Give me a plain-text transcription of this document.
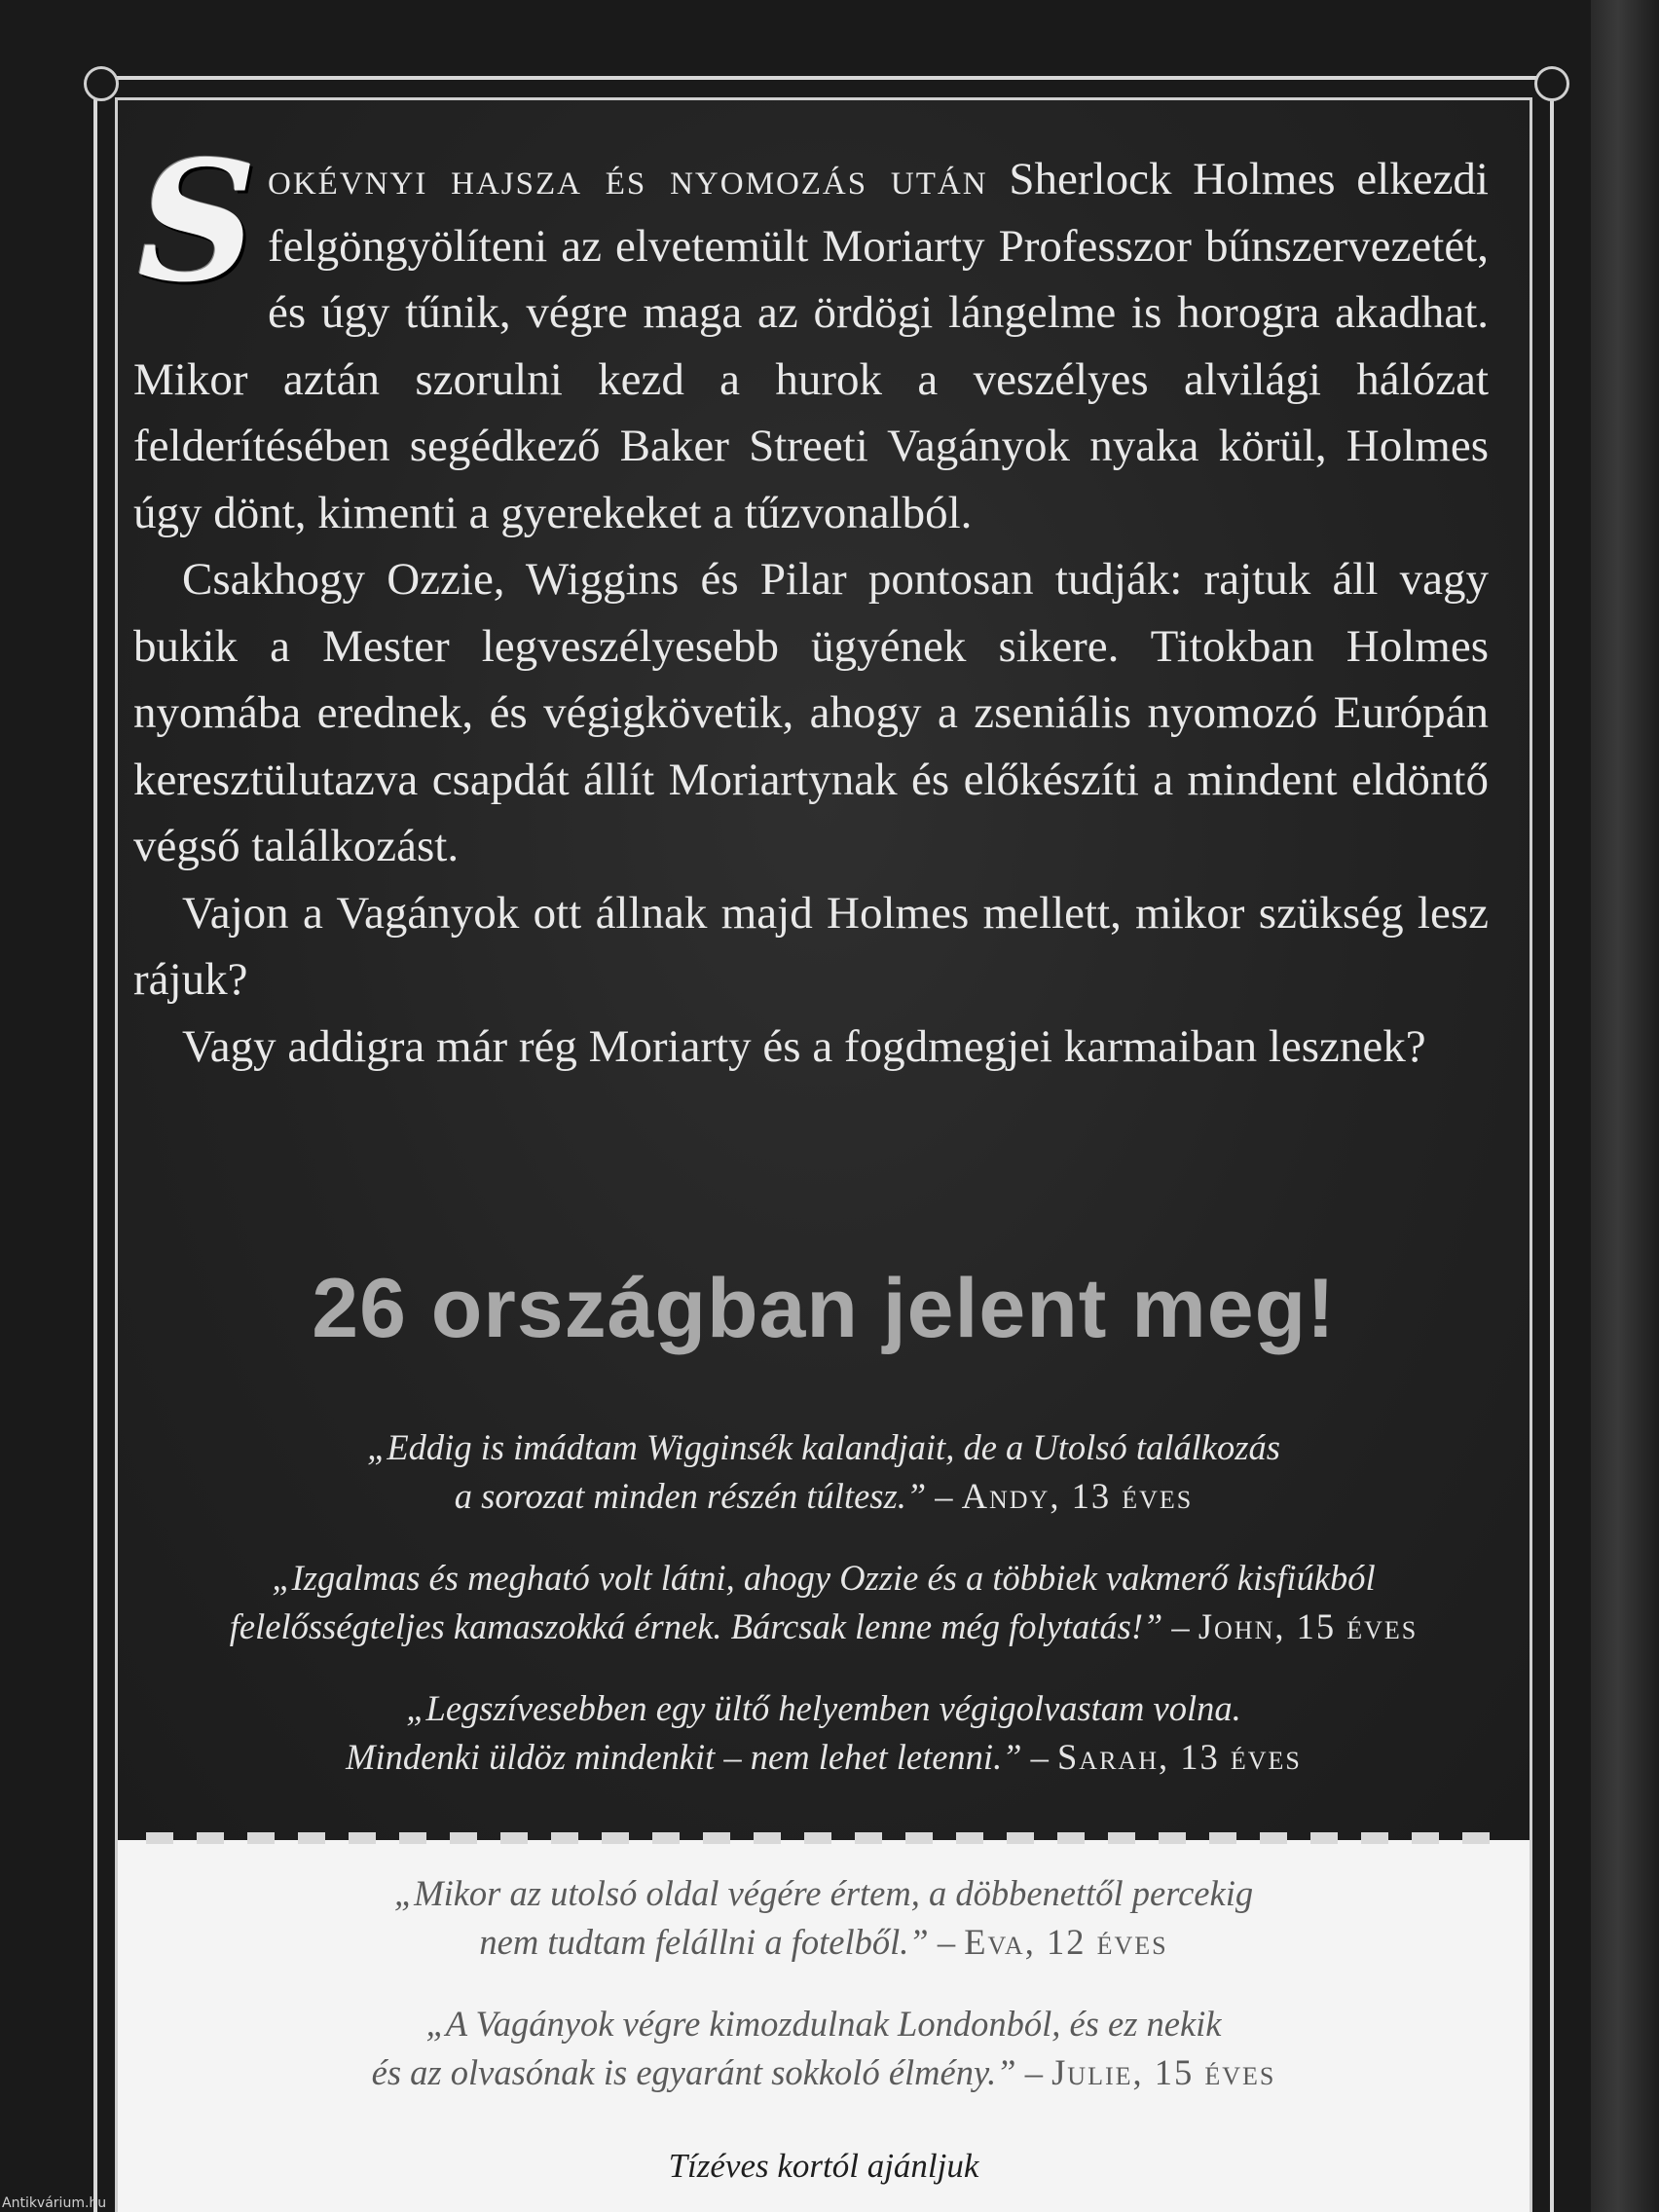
Sokévnyi hajsza és nyomozás után Sherlock Holmes elkezdi felgöngyölíteni az elvetemült Moriarty Professzor bűnszervezetét, és úgy tűnik, végre maga az ördögi lángelme is horogra akadhat. Mikor aztán szorulni kezd a hurok a veszélyes alvilági hálózat felderítésében segédkező Baker Streeti Vagányok nyaka körül, Holmes úgy dönt, kimenti a gyerekeket a tűzvonalból.

Csakhogy Ozzie, Wiggins és Pilar pontosan tudják: rajtuk áll vagy bukik a Mester legveszélyesebb ügyének sikere. Titokban Holmes nyomába erednek, és végigkövetik, ahogy a zseniális nyomozó Európán keresztülutazva csapdát állít Moriartynak és előkészíti a mindent eldöntő végső találkozást.

Vajon a Vagányok ott állnak majd Holmes mellett, mikor szükség lesz rájuk?

Vagy addigra már rég Moriarty és a fogdmegjei karmaiban lesznek?

26 országban jelent meg!
„Eddig is imádtam Wigginsék kalandjait, de a Utolsó találkozás
a sorozat minden részén túltesz.” – Andy, 13 éves
„Izgalmas és megható volt látni, ahogy Ozzie és a többiek vakmerő kisfiúkból
felelősségteljes kamaszokká érnek. Bárcsak lenne még folytatás!” – John, 15 éves
„Legszívesebben egy ültő helyemben végigolvastam volna.
Mindenki üldöz mindenkit – nem lehet letenni.” – Sarah, 13 éves
„Mikor az utolsó oldal végére értem, a döbbenettől percekig
nem tudtam felállni a fotelből.” – Eva, 12 éves
„A Vagányok végre kimozdulnak Londonból, és ez nekik
és az olvasónak is egyaránt sokkoló élmény.” – Julie, 15 éves
Tízéves kortól ajánljuk
Antikvárium.hu
